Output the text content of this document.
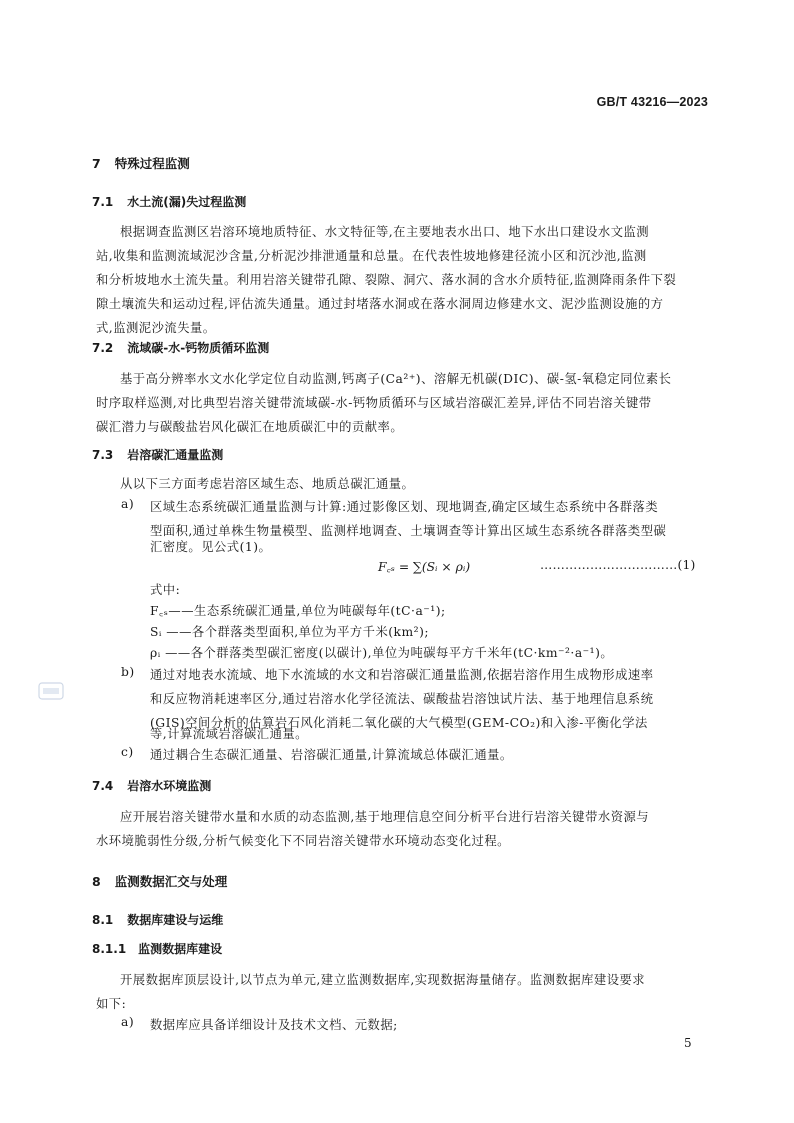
GB/T 43216—2023
7 特殊过程监测
7.1 水土流(漏)失过程监测
根据调查监测区岩溶环境地质特征、水文特征等,在主要地表水出口、地下水出口建设水文监测
站,收集和监测流域泥沙含量,分析泥沙排泄通量和总量。在代表性坡地修建径流小区和沉沙池,监测
和分析坡地水土流失量。利用岩溶关键带孔隙、裂隙、洞穴、落水洞的含水介质特征,监测降雨条件下裂
隙土壤流失和运动过程,评估流失通量。通过封堵落水洞或在落水洞周边修建水文、泥沙监测设施的方
式,监测泥沙流失量。
7.2 流域碳-水-钙物质循环监测
基于高分辨率水文水化学定位自动监测,钙离子(Ca²⁺)、溶解无机碳(DIC)、碳-氢-氧稳定同位素长
时序取样巡测,对比典型岩溶关键带流域碳-水-钙物质循环与区域岩溶碳汇差异,评估不同岩溶关键带
碳汇潜力与碳酸盐岩风化碳汇在地质碳汇中的贡献率。
7.3 岩溶碳汇通量监测
从以下三方面考虑岩溶区域生态、地质总碳汇通量。
a) 区域生态系统碳汇通量监测与计算:通过影像区划、现地调查,确定区域生态系统中各群落类
型面积,通过单株生物量模型、监测样地调查、土壤调查等计算出区域生态系统各群落类型碳
汇密度。见公式(1)。
F꜀ₛ = ∑(Sᵢ × ρᵢ)	……………………………(1)
式中:
F꜀ₛ——生态系统碳汇通量,单位为吨碳每年(tC·a⁻¹);
Sᵢ ——各个群落类型面积,单位为平方千米(km²);
ρᵢ ——各个群落类型碳汇密度(以碳计),单位为吨碳每平方千米年(tC·km⁻²·a⁻¹)。
b) 通过对地表水流域、地下水流域的水文和岩溶碳汇通量监测,依据岩溶作用生成物形成速率
和反应物消耗速率区分,通过岩溶水化学径流法、碳酸盐岩溶蚀试片法、基于地理信息系统
(GIS)空间分析的估算岩石风化消耗二氧化碳的大气模型(GEM-CO₂)和入渗-平衡化学法
等,计算流域岩溶碳汇通量。
c) 通过耦合生态碳汇通量、岩溶碳汇通量,计算流域总体碳汇通量。
7.4 岩溶水环境监测
应开展岩溶关键带水量和水质的动态监测,基于地理信息空间分析平台进行岩溶关键带水资源与
水环境脆弱性分级,分析气候变化下不同岩溶关键带水环境动态变化过程。
8 监测数据汇交与处理
8.1 数据库建设与运维
8.1.1 监测数据库建设
开展数据库顶层设计,以节点为单元,建立监测数据库,实现数据海量储存。监测数据库建设要求
如下:
a) 数据库应具备详细设计及技术文档、元数据;
5
